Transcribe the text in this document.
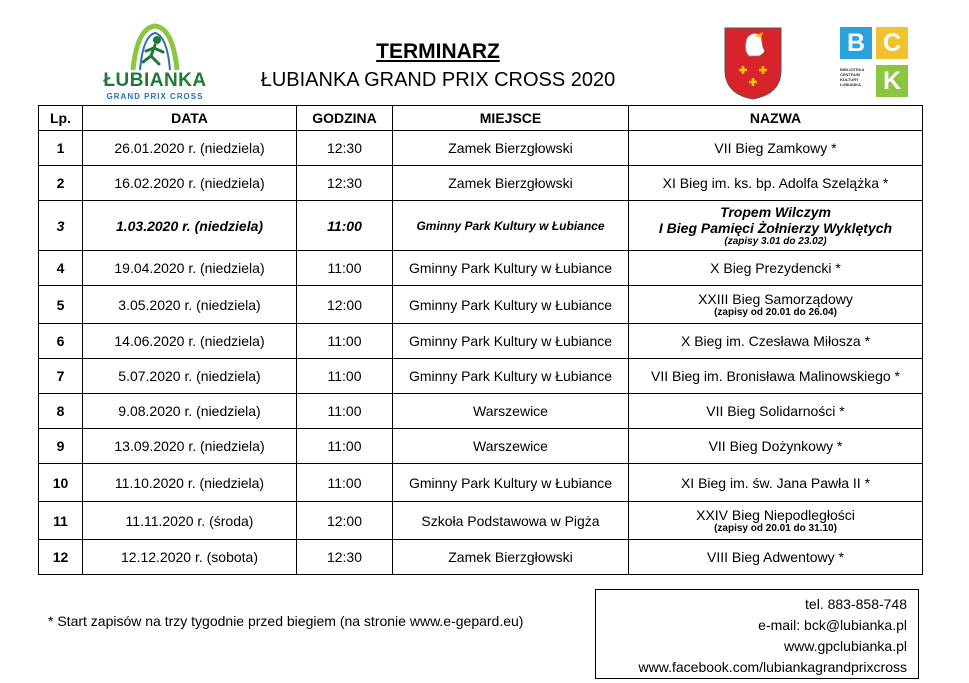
ŁUBIANKA
GRAND PRIX CROSS
TERMINARZ
ŁUBIANKA GRAND PRIX CROSS 2020
B C
K
BIBLIOTEKA CENTRUM KULTURY ŁUBIANKA
Lp.	DATA	GODZINA	MIEJSCE	NAZWA
1	26.01.2020 r. (niedziela)	12:30	Zamek Bierzgłowski	VII Bieg Zamkowy *

2	16.02.2020 r. (niedziela)	12:30	Zamek Bierzgłowski	XI Bieg im. ks. bp. Adolfa Szelążka *

3	1.03.2020 r. (niedziela)	11:00	Gminny Park Kultury w Łubiance	Tropem Wilczym
I Bieg Pamięci Żołnierzy Wyklętych
(zapisy 3.01 do 23.02)

4	19.04.2020 r. (niedziela)	11:00	Gminny Park Kultury w Łubiance	X Bieg Prezydencki *

5	3.05.2020 r. (niedziela)	12:00	Gminny Park Kultury w Łubiance	XXIII Bieg Samorządowy
(zapisy od 20.01 do 26.04)

6	14.06.2020 r. (niedziela)	11:00	Gminny Park Kultury w Łubiance	X Bieg im. Czesława Miłosza *

7	5.07.2020 r. (niedziela)	11:00	Gminny Park Kultury w Łubiance	VII Bieg im. Bronisława Malinowskiego *

8	9.08.2020 r. (niedziela)	11:00	Warszewice	VII Bieg Solidarności *

9	13.09.2020 r. (niedziela)	11:00	Warszewice	VII Bieg Dożynkowy *

10	11.10.2020 r. (niedziela)	11:00	Gminny Park Kultury w Łubiance	XI Bieg im. św. Jana Pawła II *

11	11.11.2020 r. (środa)	12:00	Szkoła Podstawowa w Pigża	XXIV Bieg Niepodległości
(zapisy od 20.01 do 31.10)

12	12.12.2020 r. (sobota)	12:30	Zamek Bierzgłowski	VIII Bieg Adwentowy *
* Start zapisów na trzy tygodnie przed biegiem (na stronie www.e-gepard.eu)
tel. 883-858-748
e-mail: bck@lubianka.pl
www.gpclubianka.pl
www.facebook.com/lubiankagrandprixcross
